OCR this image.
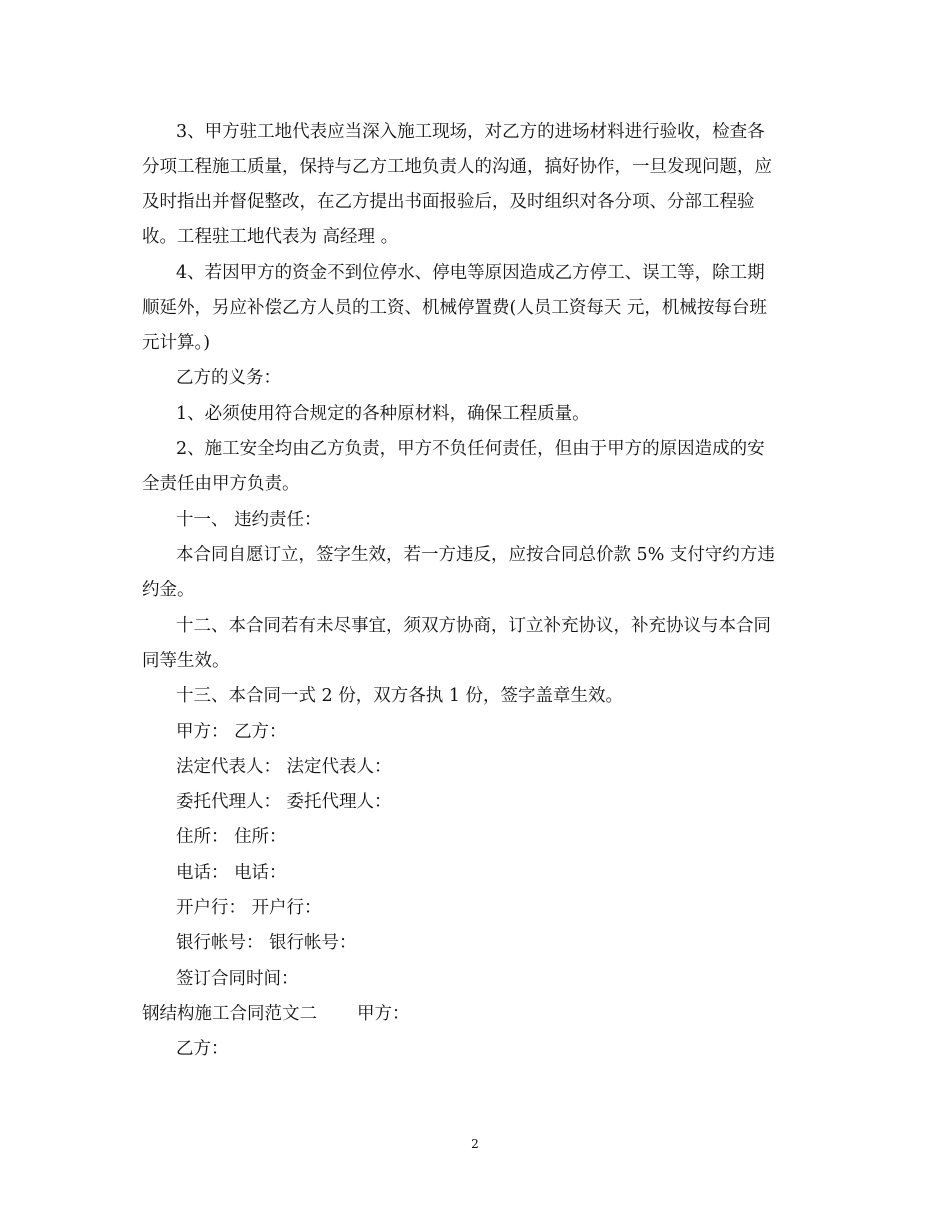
3、甲方驻工地代表应当深入施工现场，对乙方的进场材料进行验收，检查各
分项工程施工质量，保持与乙方工地负责人的沟通，搞好协作，一旦发现问题，应
及时指出并督促整改，在乙方提出书面报验后，及时组织对各分项、分部工程验
收。工程驻工地代表为 高经理 。
4、若因甲方的资金不到位停水、停电等原因造成乙方停工、误工等，除工期
顺延外，另应补偿乙方人员的工资、机械停置费(人员工资每天 元，机械按每台班
元计算。)
乙方的义务：
1、必须使用符合规定的各种原材料，确保工程质量。
2、施工安全均由乙方负责，甲方不负任何责任，但由于甲方的原因造成的安
全责任由甲方负责。
十一、 违约责任：
本合同自愿订立，签字生效，若一方违反，应按合同总价款 5% 支付守约方违
约金。
十二、本合同若有未尽事宜，须双方协商，订立补充协议，补充协议与本合同
同等生效。
十三、本合同一式 2 份，双方各执 1 份，签字盖章生效。
甲方： 乙方：
法定代表人： 法定代表人：
委托代理人： 委托代理人：
住所： 住所：
电话： 电话：
开户行： 开户行：
银行帐号： 银行帐号：
签订合同时间：
钢结构施工合同范文二 甲方：
乙方：
2
